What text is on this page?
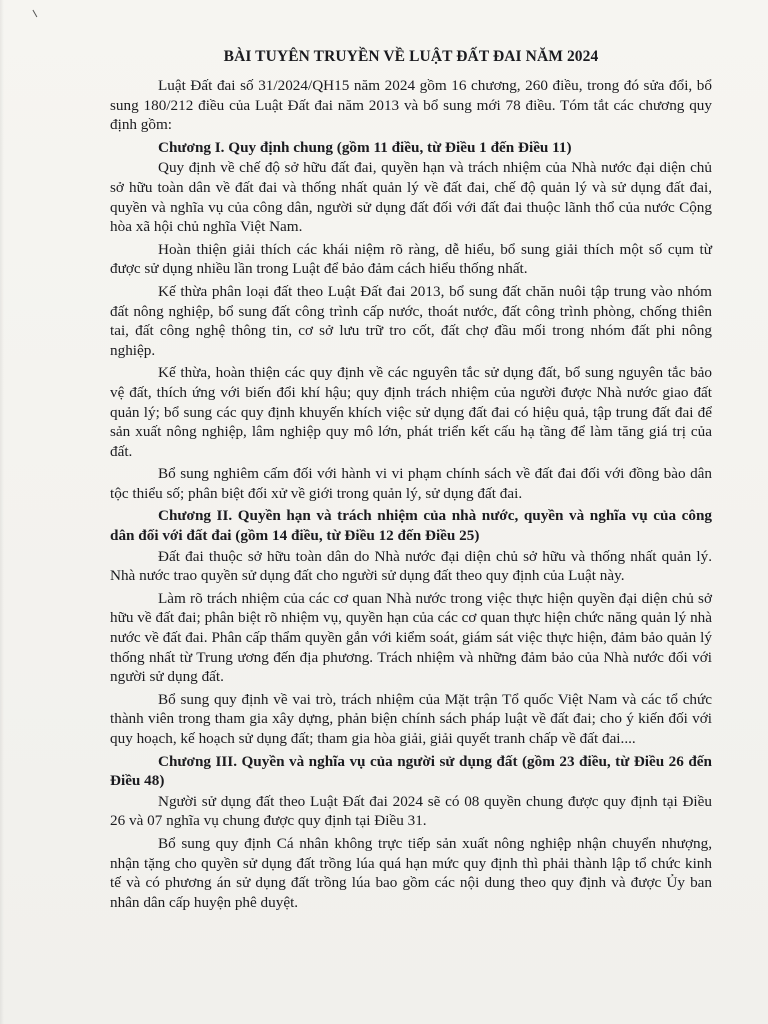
BÀI TUYÊN TRUYỀN VỀ LUẬT ĐẤT ĐAI NĂM 2024

Luật Đất đai số 31/2024/QH15 năm 2024 gồm 16 chương, 260 điều, trong đó sửa đổi, bổ sung 180/212 điều của Luật Đất đai năm 2013 và bổ sung mới 78 điều. Tóm tắt các chương quy định gồm:

Chương I. Quy định chung (gồm 11 điều, từ Điều 1 đến Điều 11)

Quy định về chế độ sở hữu đất đai, quyền hạn và trách nhiệm của Nhà nước đại diện chủ sở hữu toàn dân về đất đai và thống nhất quản lý về đất đai, chế độ quản lý và sử dụng đất đai, quyền và nghĩa vụ của công dân, người sử dụng đất đối với đất đai thuộc lãnh thổ của nước Cộng hòa xã hội chủ nghĩa Việt Nam.

Hoàn thiện giải thích các khái niệm rõ ràng, dễ hiểu, bổ sung giải thích một số cụm từ được sử dụng nhiều lần trong Luật để bảo đảm cách hiểu thống nhất.

Kế thừa phân loại đất theo Luật Đất đai 2013, bổ sung đất chăn nuôi tập trung vào nhóm đất nông nghiệp, bổ sung đất công trình cấp nước, thoát nước, đất công trình phòng, chống thiên tai, đất công nghệ thông tin, cơ sở lưu trữ tro cốt, đất chợ đầu mối trong nhóm đất phi nông nghiệp.

Kế thừa, hoàn thiện các quy định về các nguyên tắc sử dụng đất, bổ sung nguyên tắc bảo vệ đất, thích ứng với biến đổi khí hậu; quy định trách nhiệm của người được Nhà nước giao đất quản lý; bổ sung các quy định khuyến khích việc sử dụng đất đai có hiệu quả, tập trung đất đai để sản xuất nông nghiệp, lâm nghiệp quy mô lớn, phát triển kết cấu hạ tầng để làm tăng giá trị của đất.

Bổ sung nghiêm cấm đối với hành vi vi phạm chính sách về đất đai đối với đồng bào dân tộc thiểu số; phân biệt đối xử về giới trong quản lý, sử dụng đất đai.

Chương II. Quyền hạn và trách nhiệm của nhà nước, quyền và nghĩa vụ của công dân đối với đất đai (gồm 14 điều, từ Điều 12 đến Điều 25)

Đất đai thuộc sở hữu toàn dân do Nhà nước đại diện chủ sở hữu và thống nhất quản lý. Nhà nước trao quyền sử dụng đất cho người sử dụng đất theo quy định của Luật này.

Làm rõ trách nhiệm của các cơ quan Nhà nước trong việc thực hiện quyền đại diện chủ sở hữu về đất đai; phân biệt rõ nhiệm vụ, quyền hạn của các cơ quan thực hiện chức năng quản lý nhà nước về đất đai. Phân cấp thẩm quyền gắn với kiểm soát, giám sát việc thực hiện, đảm bảo quản lý thống nhất từ Trung ương đến địa phương. Trách nhiệm và những đảm bảo của Nhà nước đối với người sử dụng đất.

Bổ sung quy định về vai trò, trách nhiệm của Mặt trận Tổ quốc Việt Nam và các tổ chức thành viên trong tham gia xây dựng, phản biện chính sách pháp luật về đất đai; cho ý kiến đối với quy hoạch, kế hoạch sử dụng đất; tham gia hòa giải, giải quyết tranh chấp về đất đai....

Chương III. Quyền và nghĩa vụ của người sử dụng đất (gồm 23 điều, từ Điều 26 đến Điều 48)

Người sử dụng đất theo Luật Đất đai 2024 sẽ có 08 quyền chung được quy định tại Điều 26 và 07 nghĩa vụ chung được quy định tại Điều 31.

Bổ sung quy định Cá nhân không trực tiếp sản xuất nông nghiệp nhận chuyển nhượng, nhận tặng cho quyền sử dụng đất trồng lúa quá hạn mức quy định thì phải thành lập tổ chức kinh tế và có phương án sử dụng đất trồng lúa bao gồm các nội dung theo quy định và được Ủy ban nhân dân cấp huyện phê duyệt.
